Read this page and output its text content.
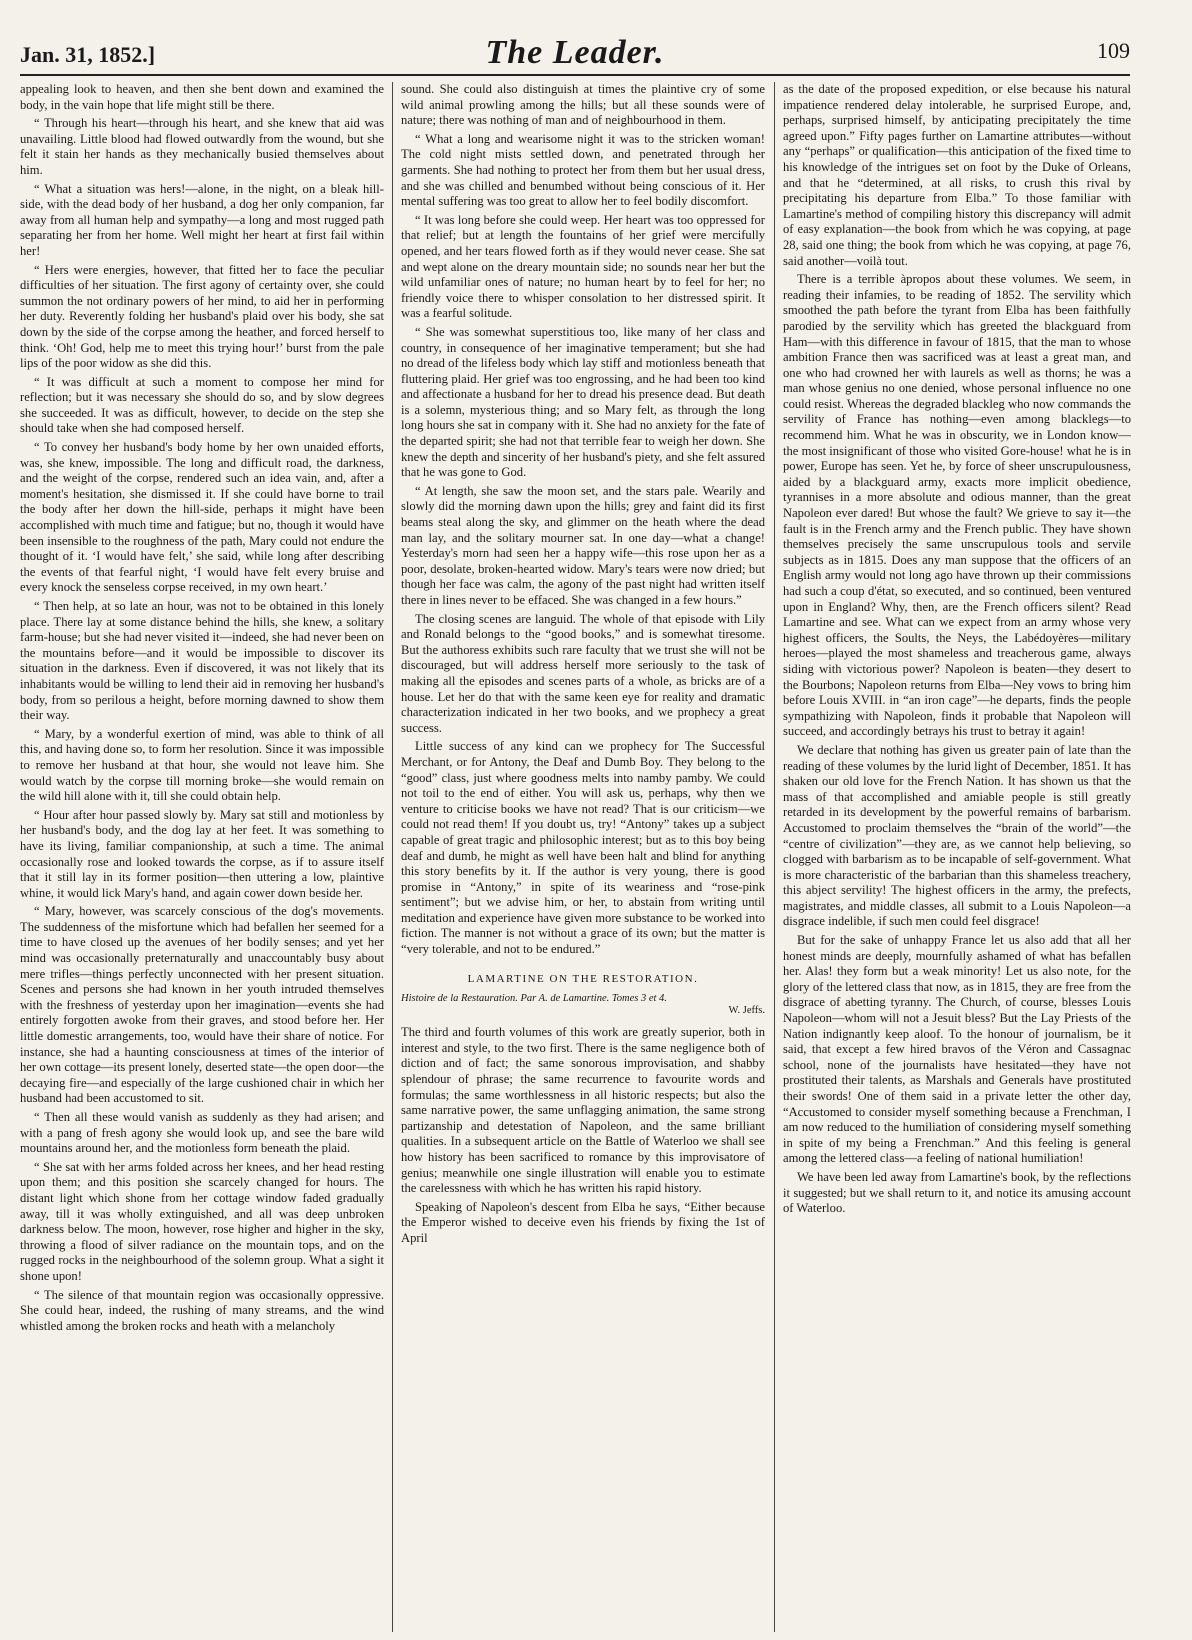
Jan. 31, 1852.]	The Leader.	109

appealing look to heaven, and then she bent down and examined the body, in the vain hope that life might still be there.

“ Through his heart—through his heart, and she knew that aid was unavailing. Little blood had flowed outwardly from the wound, but she felt it stain her hands as they mechanically busied themselves about him.

“ What a situation was hers!—alone, in the night, on a bleak hill-side, with the dead body of her husband, a dog her only companion, far away from all human help and sympathy—a long and most rugged path separating her from her home. Well might her heart at first fail within her!

“ Hers were energies, however, that fitted her to face the peculiar difficulties of her situation. The first agony of certainty over, she could summon the not ordinary powers of her mind, to aid her in performing her duty. Reverently folding her husband's plaid over his body, she sat down by the side of the corpse among the heather, and forced herself to think. ‘Oh! God, help me to meet this trying hour!’ burst from the pale lips of the poor widow as she did this.

“ It was difficult at such a moment to compose her mind for reflection; but it was necessary she should do so, and by slow degrees she succeeded. It was as difficult, however, to decide on the step she should take when she had composed herself.

“ To convey her husband's body home by her own unaided efforts, was, she knew, impossible. The long and difficult road, the darkness, and the weight of the corpse, rendered such an idea vain, and, after a moment's hesitation, she dismissed it. If she could have borne to trail the body after her down the hill-side, perhaps it might have been accomplished with much time and fatigue; but no, though it would have been insensible to the roughness of the path, Mary could not endure the thought of it. ‘I would have felt,’ she said, while long after describing the events of that fearful night, ‘I would have felt every bruise and every knock the senseless corpse received, in my own heart.’

“ Then help, at so late an hour, was not to be obtained in this lonely place. There lay at some distance behind the hills, she knew, a solitary farm-house; but she had never visited it—indeed, she had never been on the mountains before—and it would be impossible to discover its situation in the darkness. Even if discovered, it was not likely that its inhabitants would be willing to lend their aid in removing her husband's body, from so perilous a height, before morning dawned to show them their way.

“ Mary, by a wonderful exertion of mind, was able to think of all this, and having done so, to form her resolution. Since it was impossible to remove her husband at that hour, she would not leave him. She would watch by the corpse till morning broke—she would remain on the wild hill alone with it, till she could obtain help.

“ Hour after hour passed slowly by. Mary sat still and motionless by her husband's body, and the dog lay at her feet. It was something to have its living, familiar companionship, at such a time. The animal occasionally rose and looked towards the corpse, as if to assure itself that it still lay in its former position—then uttering a low, plaintive whine, it would lick Mary's hand, and again cower down beside her.

“ Mary, however, was scarcely conscious of the dog's movements. The suddenness of the misfortune which had befallen her seemed for a time to have closed up the avenues of her bodily senses; and yet her mind was occasionally preternaturally and unaccountably busy about mere trifles—things perfectly unconnected with her present situation. Scenes and persons she had known in her youth intruded themselves with the freshness of yesterday upon her imagination—events she had entirely forgotten awoke from their graves, and stood before her. Her little domestic arrangements, too, would have their share of notice. For instance, she had a haunting consciousness at times of the interior of her own cottage—its present lonely, deserted state—the open door—the decaying fire—and especially of the large cushioned chair in which her husband had been accustomed to sit.

“ Then all these would vanish as suddenly as they had arisen; and with a pang of fresh agony she would look up, and see the bare wild mountains around her, and the motionless form beneath the plaid.

“ She sat with her arms folded across her knees, and her head resting upon them; and this position she scarcely changed for hours. The distant light which shone from her cottage window faded gradually away, till it was wholly extinguished, and all was deep unbroken darkness below. The moon, however, rose higher and higher in the sky, throwing a flood of silver radiance on the mountain tops, and on the rugged rocks in the neighbourhood of the solemn group. What a sight it shone upon!

“ The silence of that mountain region was occasionally oppressive. She could hear, indeed, the rushing of many streams, and the wind whistled among the broken rocks and heath with a melancholy

sound. She could also distinguish at times the plaintive cry of some wild animal prowling among the hills; but all these sounds were of nature; there was nothing of man and of neighbourhood in them.

“ What a long and wearisome night it was to the stricken woman! The cold night mists settled down, and penetrated through her garments. She had nothing to protect her from them but her usual dress, and she was chilled and benumbed without being conscious of it. Her mental suffering was too great to allow her to feel bodily discomfort.

“ It was long before she could weep. Her heart was too oppressed for that relief; but at length the fountains of her grief were mercifully opened, and her tears flowed forth as if they would never cease. She sat and wept alone on the dreary mountain side; no sounds near her but the wild unfamiliar ones of nature; no human heart by to feel for her; no friendly voice there to whisper consolation to her distressed spirit. It was a fearful solitude.

“ She was somewhat superstitious too, like many of her class and country, in consequence of her imaginative temperament; but she had no dread of the lifeless body which lay stiff and motionless beneath that fluttering plaid. Her grief was too engrossing, and he had been too kind and affectionate a husband for her to dread his presence dead. But death is a solemn, mysterious thing; and so Mary felt, as through the long long hours she sat in company with it. She had no anxiety for the fate of the departed spirit; she had not that terrible fear to weigh her down. She knew the depth and sincerity of her husband's piety, and she felt assured that he was gone to God.

“ At length, she saw the moon set, and the stars pale. Wearily and slowly did the morning dawn upon the hills; grey and faint did its first beams steal along the sky, and glimmer on the heath where the dead man lay, and the solitary mourner sat. In one day—what a change! Yesterday's morn had seen her a happy wife—this rose upon her as a poor, desolate, broken-hearted widow. Mary's tears were now dried; but though her face was calm, the agony of the past night had written itself there in lines never to be effaced. She was changed in a few hours.”

The closing scenes are languid. The whole of that episode with Lily and Ronald belongs to the “good books,” and is somewhat tiresome. But the authoress exhibits such rare faculty that we trust she will not be discouraged, but will address herself more seriously to the task of making all the episodes and scenes parts of a whole, as bricks are of a house. Let her do that with the same keen eye for reality and dramatic characterization indicated in her two books, and we prophecy a great success.

Little success of any kind can we prophecy for The Successful Merchant, or for Antony, the Deaf and Dumb Boy. They belong to the “good” class, just where goodness melts into namby pamby. We could not toil to the end of either. You will ask us, perhaps, why then we venture to criticise books we have not read? That is our criticism—we could not read them! If you doubt us, try! “Antony” takes up a subject capable of great tragic and philosophic interest; but as to this boy being deaf and dumb, he might as well have been halt and blind for anything this story benefits by it. If the author is very young, there is good promise in “Antony,” in spite of its weariness and “rose-pink sentiment”; but we advise him, or her, to abstain from writing until meditation and experience have given more substance to be worked into fiction. The manner is not without a grace of its own; but the matter is “very tolerable, and not to be endured.”

LAMARTINE ON THE RESTORATION.
Histoire de la Restauration. Par A. de Lamartine. Tomes 3 et 4.
W. Jeffs.

The third and fourth volumes of this work are greatly superior, both in interest and style, to the two first. There is the same negligence both of diction and of fact; the same sonorous improvisation, and shabby splendour of phrase; the same recurrence to favourite words and formulas; the same worthlessness in all historic respects; but also the same narrative power, the same unflagging animation, the same strong partizanship and detestation of Napoleon, and the same brilliant qualities. In a subsequent article on the Battle of Waterloo we shall see how history has been sacrificed to romance by this improvisatore of genius; meanwhile one single illustration will enable you to estimate the carelessness with which he has written his rapid history.

Speaking of Napoleon's descent from Elba he says, “Either because the Emperor wished to deceive even his friends by fixing the 1st of April

as the date of the proposed expedition, or else because his natural impatience rendered delay intolerable, he surprised Europe, and, perhaps, surprised himself, by anticipating precipitately the time agreed upon.” Fifty pages further on Lamartine attributes—without any “perhaps” or qualification—this anticipation of the fixed time to his knowledge of the intrigues set on foot by the Duke of Orleans, and that he “determined, at all risks, to crush this rival by precipitating his departure from Elba.” To those familiar with Lamartine's method of compiling history this discrepancy will admit of easy explanation—the book from which he was copying, at page 28, said one thing; the book from which he was copying, at page 76, said another—voilà tout.

There is a terrible àpropos about these volumes. We seem, in reading their infamies, to be reading of 1852. The servility which smoothed the path before the tyrant from Elba has been faithfully parodied by the servility which has greeted the blackguard from Ham—with this difference in favour of 1815, that the man to whose ambition France then was sacrificed was at least a great man, and one who had crowned her with laurels as well as thorns; he was a man whose genius no one denied, whose personal influence no one could resist. Whereas the degraded blackleg who now commands the servility of France has nothing—even among blacklegs—to recommend him. What he was in obscurity, we in London know—the most insignificant of those who visited Gore-house! what he is in power, Europe has seen. Yet he, by force of sheer unscrupulousness, aided by a blackguard army, exacts more implicit obedience, tyrannises in a more absolute and odious manner, than the great Napoleon ever dared! But whose the fault? We grieve to say it—the fault is in the French army and the French public. They have shown themselves precisely the same unscrupulous tools and servile subjects as in 1815. Does any man suppose that the officers of an English army would not long ago have thrown up their commissions had such a coup d'état, so executed, and so continued, been ventured upon in England? Why, then, are the French officers silent? Read Lamartine and see. What can we expect from an army whose very highest officers, the Soults, the Neys, the Labédoyères—military heroes—played the most shameless and treacherous game, always siding with victorious power? Napoleon is beaten—they desert to the Bourbons; Napoleon returns from Elba—Ney vows to bring him before Louis XVIII. in “an iron cage”—he departs, finds the people sympathizing with Napoleon, finds it probable that Napoleon will succeed, and accordingly betrays his trust to betray it again!

We declare that nothing has given us greater pain of late than the reading of these volumes by the lurid light of December, 1851. It has shaken our old love for the French Nation. It has shown us that the mass of that accomplished and amiable people is still greatly retarded in its development by the powerful remains of barbarism. Accustomed to proclaim themselves the “brain of the world”—the “centre of civilization”—they are, as we cannot help believing, so clogged with barbarism as to be incapable of self-government. What is more characteristic of the barbarian than this shameless treachery, this abject servility! The highest officers in the army, the prefects, magistrates, and middle classes, all submit to a Louis Napoleon—a disgrace indelible, if such men could feel disgrace!

But for the sake of unhappy France let us also add that all her honest minds are deeply, mournfully ashamed of what has befallen her. Alas! they form but a weak minority! Let us also note, for the glory of the lettered class that now, as in 1815, they are free from the disgrace of abetting tyranny. The Church, of course, blesses Louis Napoleon—whom will not a Jesuit bless? But the Lay Priests of the Nation indignantly keep aloof. To the honour of journalism, be it said, that except a few hired bravos of the Véron and Cassagnac school, none of the journalists have hesitated—they have not prostituted their talents, as Marshals and Generals have prostituted their swords! One of them said in a private letter the other day, “Accustomed to consider myself something because a Frenchman, I am now reduced to the humiliation of considering myself something in spite of my being a Frenchman.” And this feeling is general among the lettered class—a feeling of national humiliation!

We have been led away from Lamartine's book, by the reflections it suggested; but we shall return to it, and notice its amusing account of Waterloo.
